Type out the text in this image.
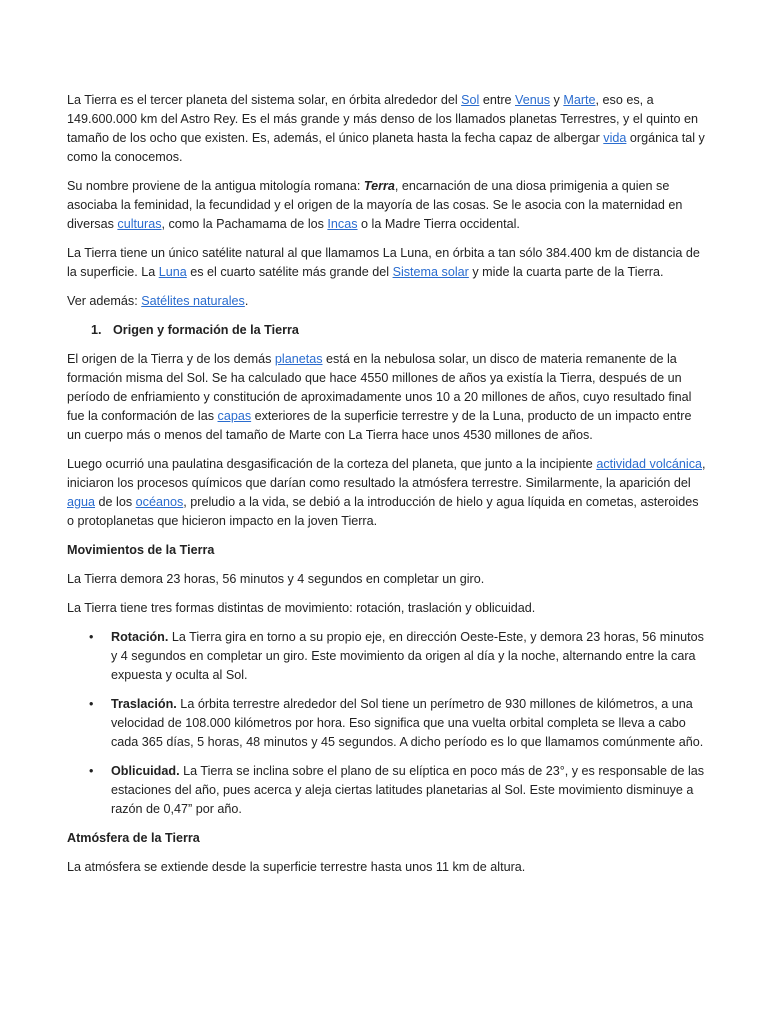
La Tierra es el tercer planeta del sistema solar, en órbita alrededor del Sol entre Venus y Marte, eso es, a 149.600.000 km del Astro Rey. Es el más grande y más denso de los llamados planetas Terrestres, y el quinto en tamaño de los ocho que existen. Es, además, el único planeta hasta la fecha capaz de albergar vida orgánica tal y como la conocemos.

Su nombre proviene de la antigua mitología romana: Terra, encarnación de una diosa primigenia a quien se asociaba la feminidad, la fecundidad y el origen de la mayoría de las cosas. Se le asocia con la maternidad en diversas culturas, como la Pachamama de los Incas o la Madre Tierra occidental.

La Tierra tiene un único satélite natural al que llamamos La Luna, en órbita a tan sólo 384.400 km de distancia de la superficie. La Luna es el cuarto satélite más grande del Sistema solar y mide la cuarta parte de la Tierra.

Ver además: Satélites naturales.

1. Origen y formación de la Tierra

El origen de la Tierra y de los demás planetas está en la nebulosa solar, un disco de materia remanente de la formación misma del Sol. Se ha calculado que hace 4550 millones de años ya existía la Tierra, después de un período de enfriamiento y constitución de aproximadamente unos 10 a 20 millones de años, cuyo resultado final fue la conformación de las capas exteriores de la superficie terrestre y de la Luna, producto de un impacto entre un cuerpo más o menos del tamaño de Marte con La Tierra hace unos 4530 millones de años.

Luego ocurrió una paulatina desgasificación de la corteza del planeta, que junto a la incipiente actividad volcánica, iniciaron los procesos químicos que darían como resultado la atmósfera terrestre. Similarmente, la aparición del agua de los océanos, preludio a la vida, se debió a la introducción de hielo y agua líquida en cometas, asteroides o protoplanetas que hicieron impacto en la joven Tierra.

Movimientos de la Tierra

La Tierra demora 23 horas, 56 minutos y 4 segundos en completar un giro.

La Tierra tiene tres formas distintas de movimiento: rotación, traslación y oblicuidad.

•	Rotación. La Tierra gira en torno a su propio eje, en dirección Oeste-Este, y demora 23 horas, 56 minutos y 4 segundos en completar un giro. Este movimiento da origen al día y la noche, alternando entre la cara expuesta y oculta al Sol.
•	Traslación. La órbita terrestre alrededor del Sol tiene un perímetro de 930 millones de kilómetros, a una velocidad de 108.000 kilómetros por hora. Eso significa que una vuelta orbital completa se lleva a cabo cada 365 días, 5 horas, 48 minutos y 45 segundos. A dicho período es lo que llamamos comúnmente año.
•	Oblicuidad. La Tierra se inclina sobre el plano de su elíptica en poco más de 23°, y es responsable de las estaciones del año, pues acerca y aleja ciertas latitudes planetarias al Sol. Este movimiento disminuye a razón de 0,47” por año.
Atmósfera de la Tierra

La atmósfera se extiende desde la superficie terrestre hasta unos 11 km de altura.
